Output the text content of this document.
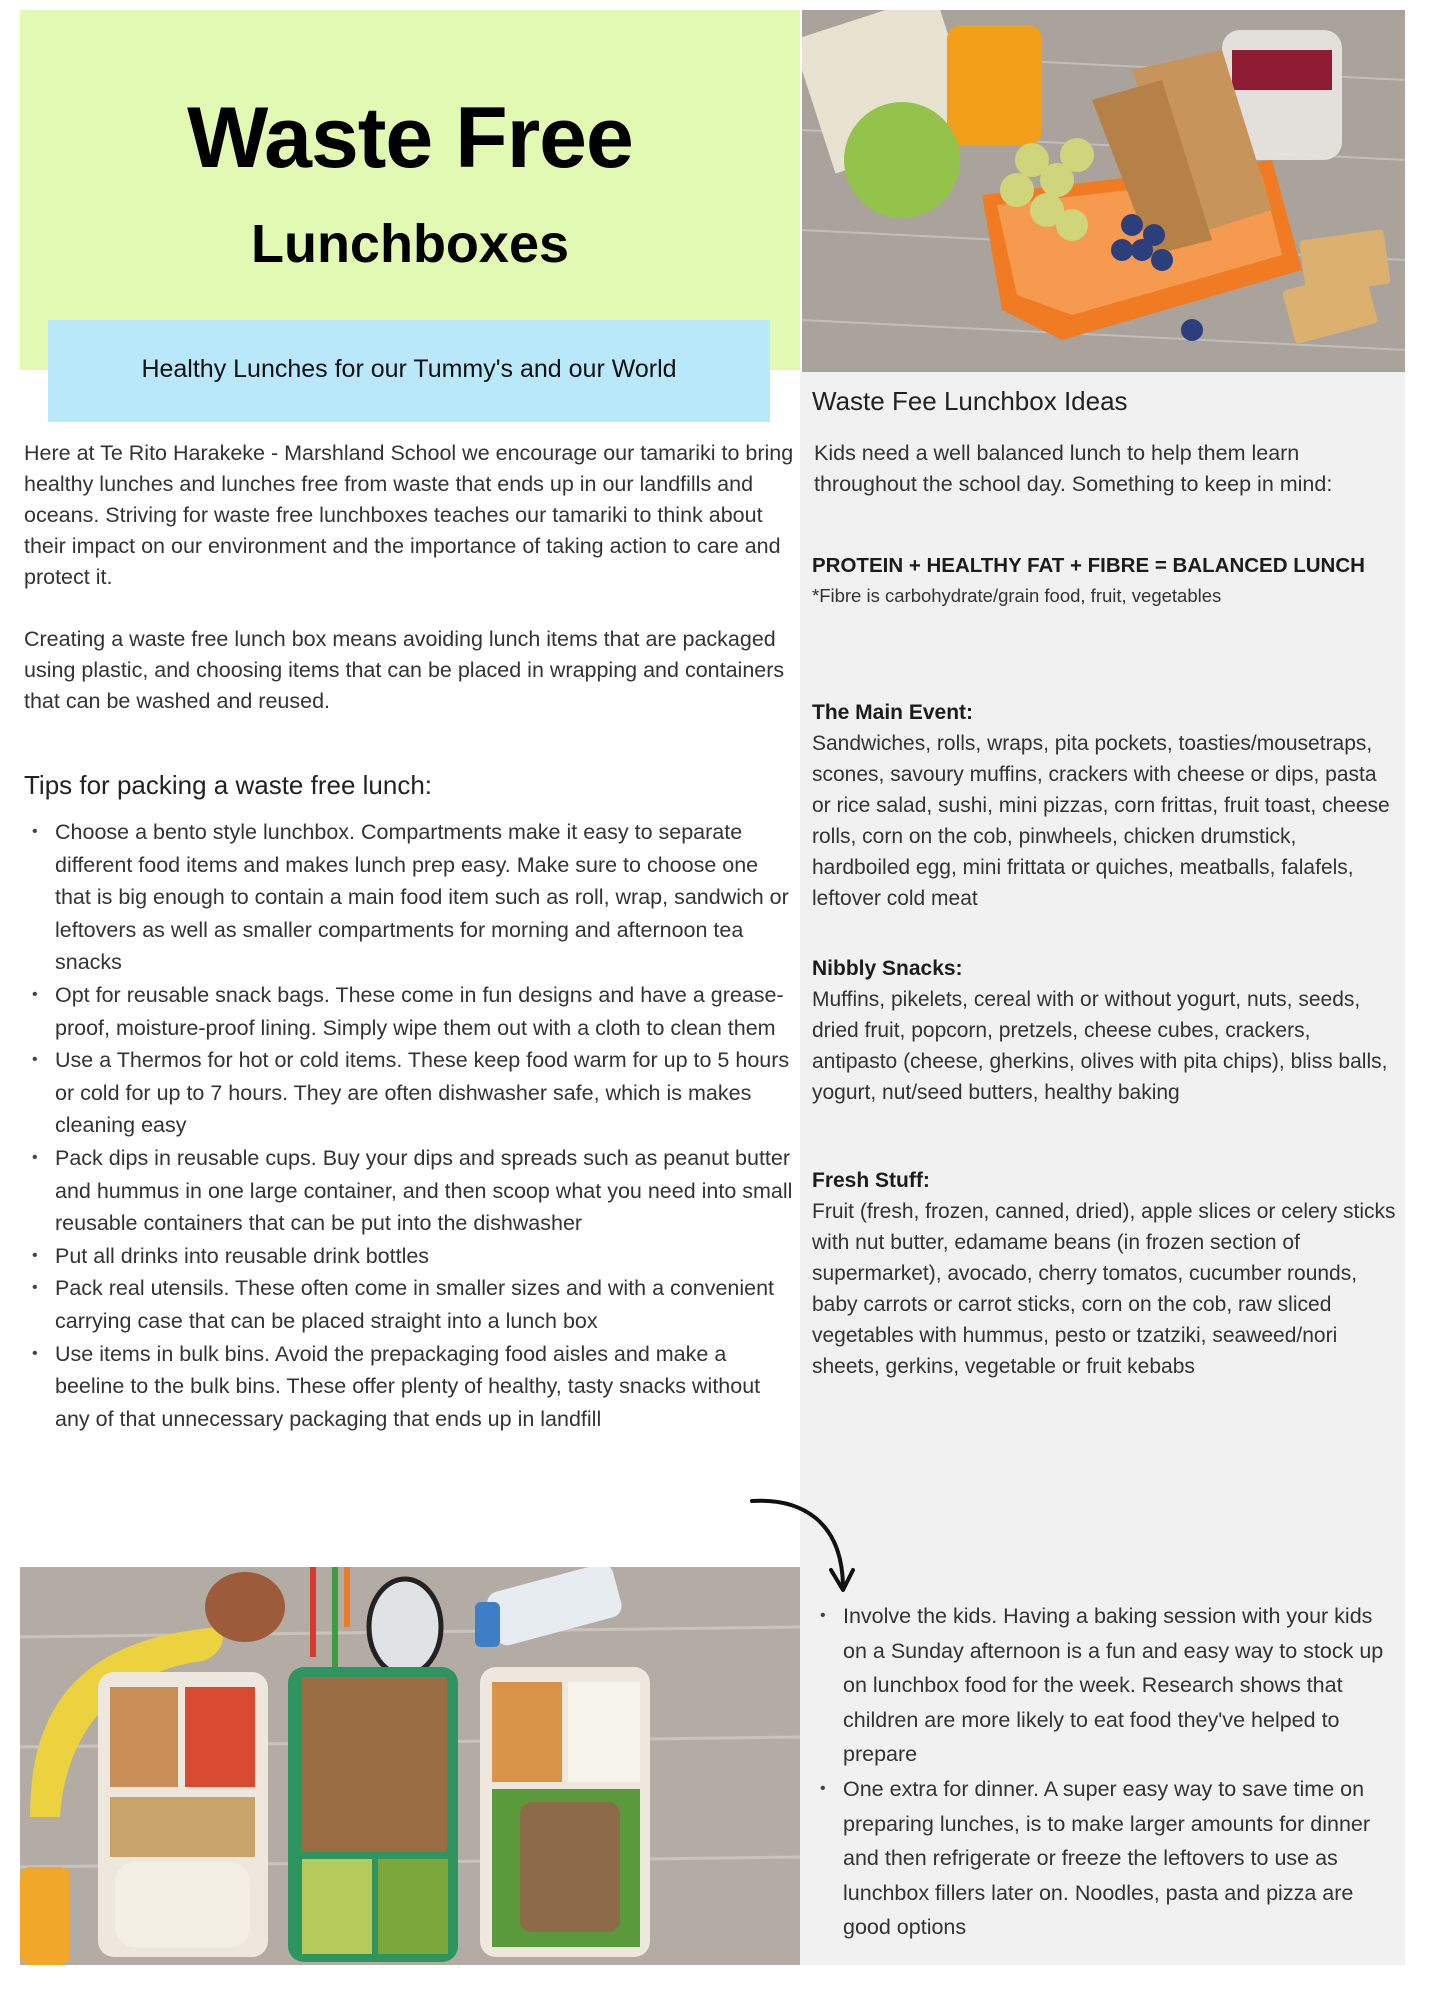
Waste Free
Lunchboxes
Healthy Lunches for our Tummy's and our World
Waste Fee Lunchbox Ideas
Kids need a well balanced lunch to help them learn throughout the school day. Something to keep in mind:
PROTEIN + HEALTHY FAT + FIBRE = BALANCED LUNCH
*Fibre is carbohydrate/grain food, fruit, vegetables
The Main Event:
Sandwiches, rolls, wraps, pita pockets, toasties/mousetraps, scones, savoury muffins, crackers with cheese or dips, pasta or rice salad, sushi, mini pizzas, corn frittas, fruit toast, cheese rolls, corn on the cob, pinwheels, chicken drumstick, hardboiled egg, mini frittata or quiches, meatballs, falafels, leftover cold meat
Nibbly Snacks:
Muffins, pikelets, cereal with or without yogurt, nuts, seeds, dried fruit, popcorn, pretzels, cheese cubes, crackers, antipasto (cheese, gherkins, olives with pita chips), bliss balls, yogurt, nut/seed butters, healthy baking
Fresh Stuff:
Fruit (fresh, frozen, canned, dried), apple slices or celery sticks with nut butter, edamame beans (in frozen section of supermarket), avocado, cherry tomatos, cucumber rounds, baby carrots or carrot sticks, corn on the cob, raw sliced vegetables with hummus, pesto or tzatziki, seaweed/nori sheets, gerkins, vegetable or fruit kebabs
Here at Te Rito Harakeke - Marshland School we encourage our tamariki to bring healthy lunches and lunches free from waste that ends up in our landfills and oceans. Striving for waste free lunchboxes teaches our tamariki to think about their impact on our environment and the importance of taking action to care and protect it.
Creating a waste free lunch box means avoiding lunch items that are packaged using plastic, and choosing items that can be placed in wrapping and containers that can be washed and reused.
Tips for packing a waste free lunch:
• Choose a bento style lunchbox. Compartments make it easy to separate different food items and makes lunch prep easy. Make sure to choose one that is big enough to contain a main food item such as roll, wrap, sandwich or leftovers as well as smaller compartments for morning and afternoon tea snacks
• Opt for reusable snack bags. These come in fun designs and have a grease-proof, moisture-proof lining. Simply wipe them out with a cloth to clean them
• Use a Thermos for hot or cold items. These keep food warm for up to 5 hours or cold for up to 7 hours. They are often dishwasher safe, which is makes cleaning easy
• Pack dips in reusable cups. Buy your dips and spreads such as peanut butter and hummus in one large container, and then scoop what you need into small reusable containers that can be put into the dishwasher
• Put all drinks into reusable drink bottles
• Pack real utensils. These often come in smaller sizes and with a convenient carrying case that can be placed straight into a lunch box
• Use items in bulk bins. Avoid the prepackaging food aisles and make a beeline to the bulk bins. These offer plenty of healthy, tasty snacks without any of that unnecessary packaging that ends up in landfill
• Involve the kids. Having a baking session with your kids on a Sunday afternoon is a fun and easy way to stock up on lunchbox food for the week. Research shows that children are more likely to eat food they've helped to prepare
• One extra for dinner. A super easy way to save time on preparing lunches, is to make larger amounts for dinner and then refrigerate or freeze the leftovers to use as lunchbox fillers later on. Noodles, pasta and pizza are good options
